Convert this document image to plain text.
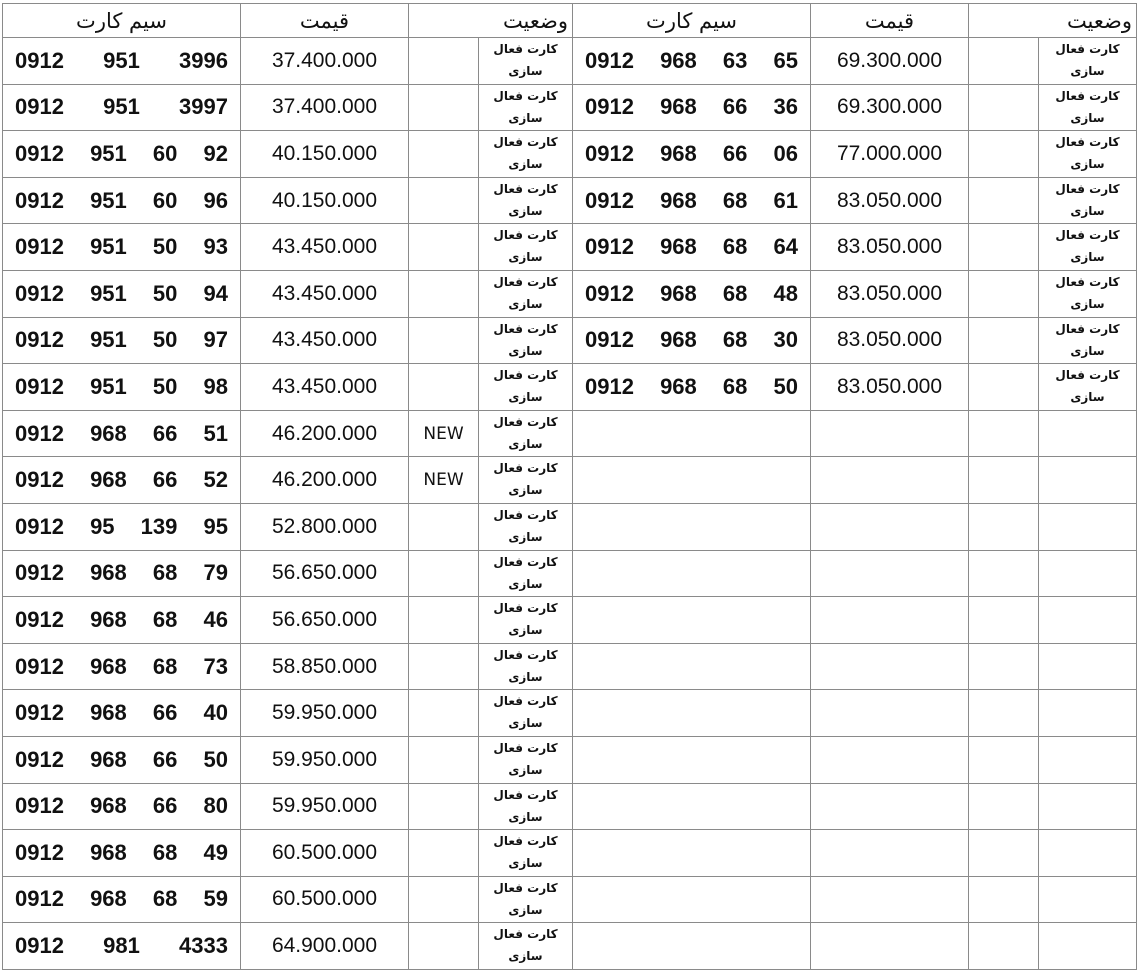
سیم کارت	قیمت	وضعیت		سیم کارت	قیمت	وضعیت	

0912 951 3996	37.400.000		کارت فعال
سازی	0912 968 63 65	69.300.000		کارت فعال
سازی

0912 951 3997	37.400.000		کارت فعال
سازی	0912 968 66 36	69.300.000		کارت فعال
سازی

0912 951 60 92	40.150.000		کارت فعال
سازی	0912 968 66 06	77.000.000		کارت فعال
سازی

0912 951 60 96	40.150.000		کارت فعال
سازی	0912 968 68 61	83.050.000		کارت فعال
سازی

0912 951 50 93	43.450.000		کارت فعال
سازی	0912 968 68 64	83.050.000		کارت فعال
سازی

0912 951 50 94	43.450.000		کارت فعال
سازی	0912 968 68 48	83.050.000		کارت فعال
سازی

0912 951 50 97	43.450.000		کارت فعال
سازی	0912 968 68 30	83.050.000		کارت فعال
سازی

0912 951 50 98	43.450.000		کارت فعال
سازی	0912 968 68 50	83.050.000		کارت فعال
سازی

0912 968 66 51	46.200.000	NEW	کارت فعال
سازی				

0912 968 66 52	46.200.000	NEW	کارت فعال
سازی				

0912 95 139 95	52.800.000		کارت فعال
سازی				

0912 968 68 79	56.650.000		کارت فعال
سازی				

0912 968 68 46	56.650.000		کارت فعال
سازی				

0912 968 68 73	58.850.000		کارت فعال
سازی				

0912 968 66 40	59.950.000		کارت فعال
سازی				

0912 968 66 50	59.950.000		کارت فعال
سازی				

0912 968 66 80	59.950.000		کارت فعال
سازی				

0912 968 68 49	60.500.000		کارت فعال
سازی				

0912 968 68 59	60.500.000		کارت فعال
سازی				

0912 981 4333	64.900.000		کارت فعال
سازی				
